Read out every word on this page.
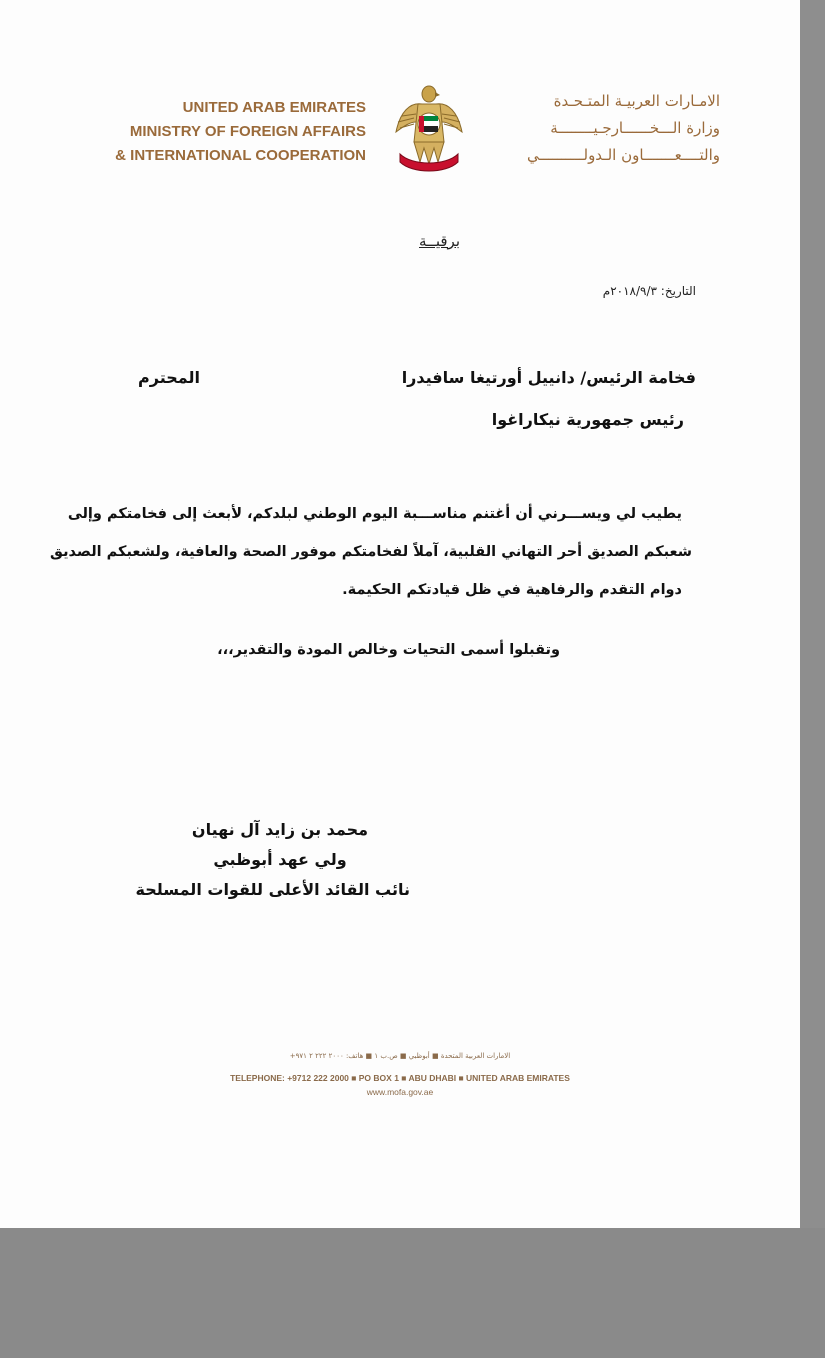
UNITED ARAB EMIRATES
MINISTRY OF FOREIGN AFFAIRS
& INTERNATIONAL COOPERATION
الامـارات العربيـة المتـحـدة
وزارة الـــخــــــارجـيــــــــة
والتــــعـــــــاون الـدولــــــــــي
برقيــة
التاريخ: ٢٠١٨/٩/٣م
فخامة الرئيس/ دانييل أورتيغا سافيدرا
المحترم
رئيس جمهورية نيكاراغوا
يطيب لي ويســـرني أن أغتنم مناســـبة اليوم الوطني لبلدكم، لأبعث إلى فخامتكم وإلى
شعبكم الصديق أحر التهاني القلبية، آملاً لفخامتكم موفور الصحة والعافية، ولشعبكم الصديق
دوام التقدم والرفاهية في ظل قيادتكم الحكيمة.
وتقبلوا أسمى التحيات وخالص المودة والتقدير،،،
محمد بن زايد آل نهيان
ولي عهد أبوظبي
نائب القائد الأعلى للقوات المسلحة
الامارات العربية المتحدة ■ أبوظبي ■ ص.ب ١ ■ هاتف: ٢٠٠٠ ٢٢٢ ٢ ٩٧١+
TELEPHONE: +9712 222 2000 ■ PO BOX 1 ■ ABU DHABI ■ UNITED ARAB EMIRATES
www.mofa.gov.ae
